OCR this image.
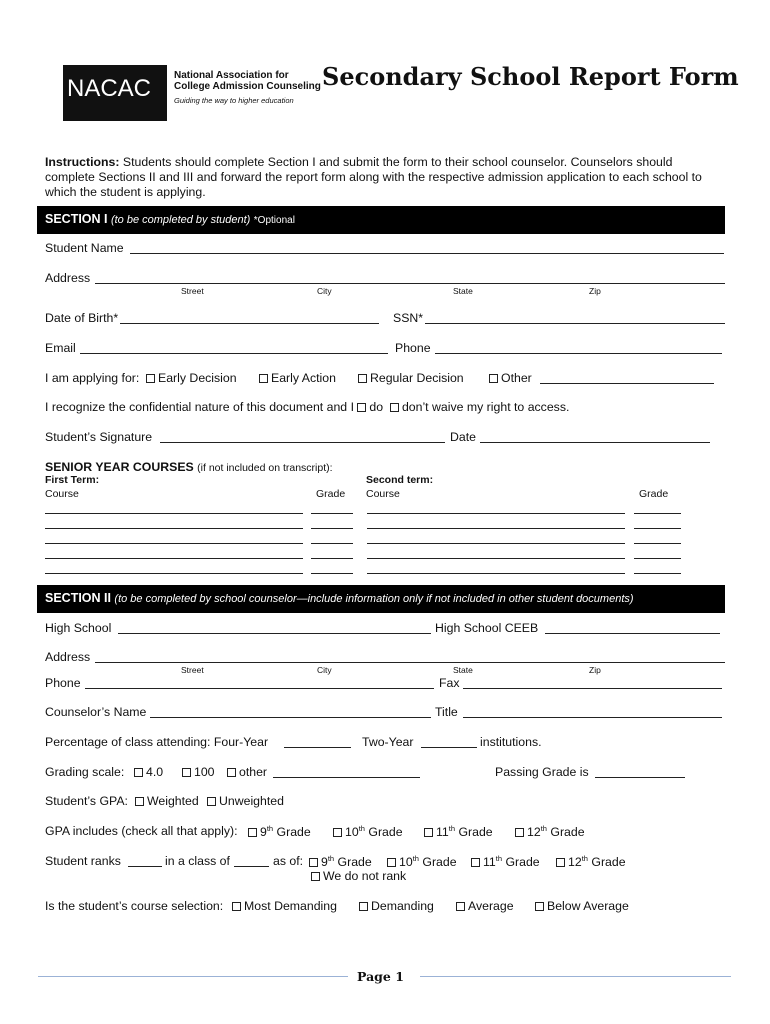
NACAC	National Association for
College Admission Counseling
Guiding the way to higher education
Secondary School Report Form
Instructions: Students should complete Section I and submit the form to their school counselor. Counselors should
complete Sections II and III and forward the report form along with the respective admission application to each school to
which the student is applying.
SECTION I (to be completed by student) *Optional
Student Name
Address
Street	City	State	Zip
Date of Birth*	SSN*
Email	Phone
I am applying for:	Early Decision	Early Action	Regular Decision	Other
I recognize the confidential nature of this document and I do don’t waive my right to access.
Student’s Signature	Date
SENIOR YEAR COURSES (if not included on transcript):
First Term:	Second term:
Course	Grade Course	Grade
SECTION II (to be completed by school counselor—include information only if not included in other student documents)
High School	High School CEEB
Address
Street	City	State	Zip
Phone	Fax
Counselor’s Name	Title
Percentage of class attending: Four-Year	Two-Year	institutions.
Grading scale:	4.0	100	other	Passing Grade is
Student’s GPA:	Weighted	Unweighted
GPA includes (check all that apply):	9th Grade	10th Grade	11th Grade	12th Grade
Student ranks	in a class of	as of:	9th Grade	10th Grade	11th Grade	12th Grade
We do not rank
Is the student’s course selection:	Most Demanding	Demanding	Average	Below Average
Page 1
